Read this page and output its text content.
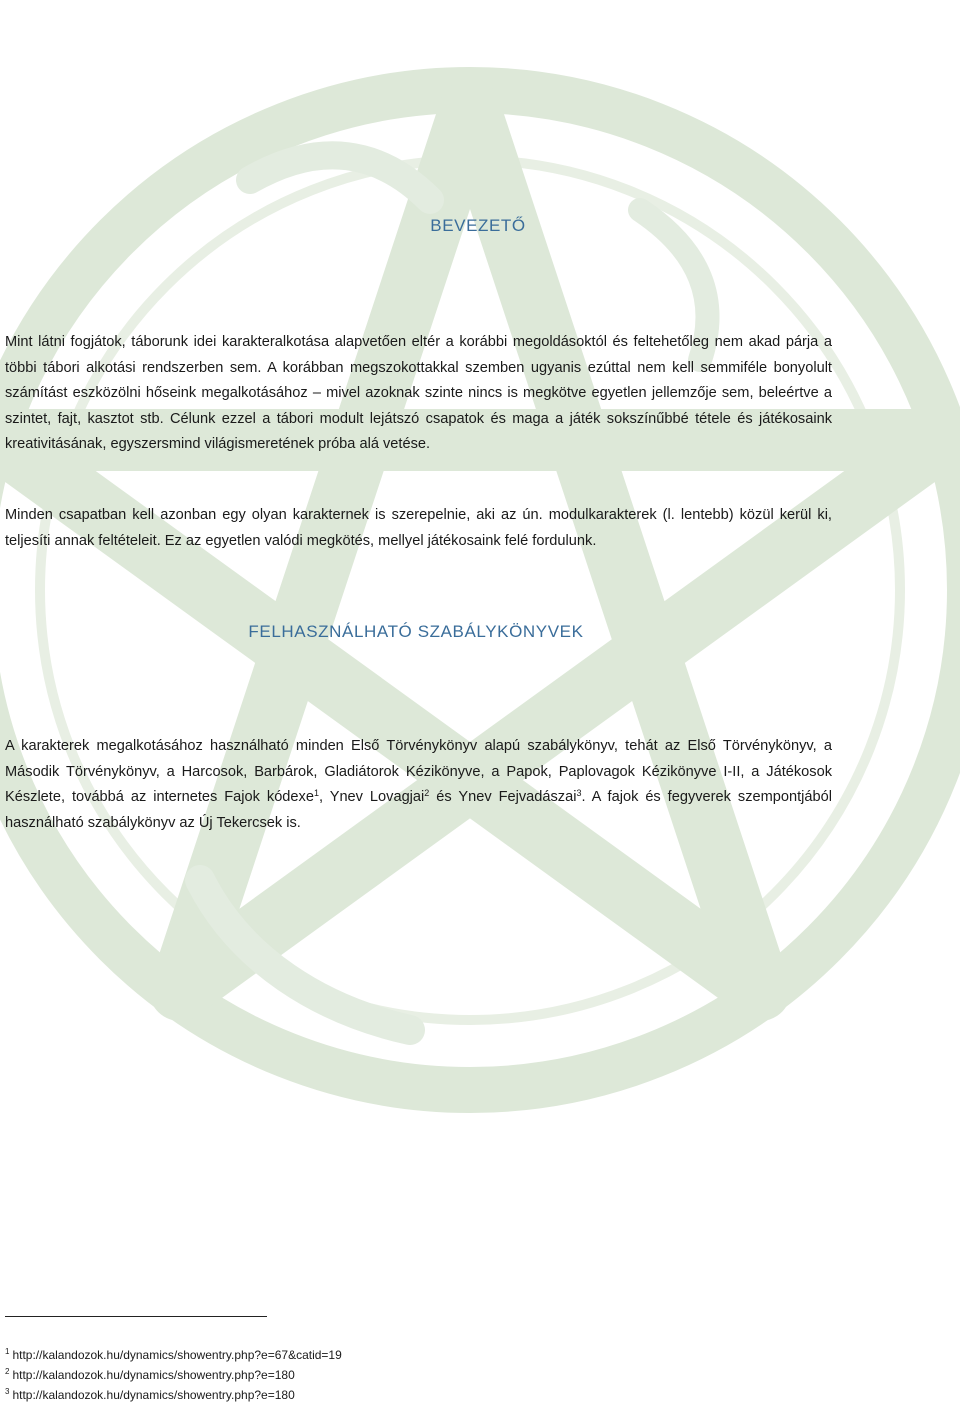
BEVEZETŐ

Mint látni fogjátok, táborunk idei karakteralkotása alapvetően eltér a korábbi megoldásoktól és feltehetőleg nem akad párja a többi tábori alkotási rendszerben sem. A korábban megszokottakkal szemben ugyanis ezúttal nem kell semmiféle bonyolult számítást eszközölni hőseink megalkotásához – mivel azoknak szinte nincs is megkötve egyetlen jellemzője sem, beleértve a szintet, fajt, kasztot stb. Célunk ezzel a tábori modult lejátszó csapatok és maga a játék sokszínűbbé tétele és játékosaink kreativitásának, egyszersmind világismeretének próba alá vetése.

Minden csapatban kell azonban egy olyan karakternek is szerepelnie, aki az ún. modulkarakterek (l. lentebb) közül kerül ki, teljesíti annak feltételeit. Ez az egyetlen valódi megkötés, mellyel játékosaink felé fordulunk.

FELHASZNÁLHATÓ SZABÁLYKÖNYVEK

A karakterek megalkotásához használható minden Első Törvénykönyv alapú szabálykönyv, tehát az Első Törvénykönyv, a Második Törvénykönyv, a Harcosok, Barbárok, Gladiátorok Kézikönyve, a Papok, Paplovagok Kézikönyve I-II, a Játékosok Készlete, továbbá az internetes Fajok kódexe$^1$, Ynev Lovagjai$^2$ és Ynev Fejvadászai$^3$. A fajok és fegyverek szempontjából használható szabálykönyv az Új Tekercsek is.

$^1$ http://kalandozok.hu/dynamics/showentry.php?e=67&catid=19
$^2$ http://kalandozok.hu/dynamics/showentry.php?e=180
$^3$ http://kalandozok.hu/dynamics/showentry.php?e=180
